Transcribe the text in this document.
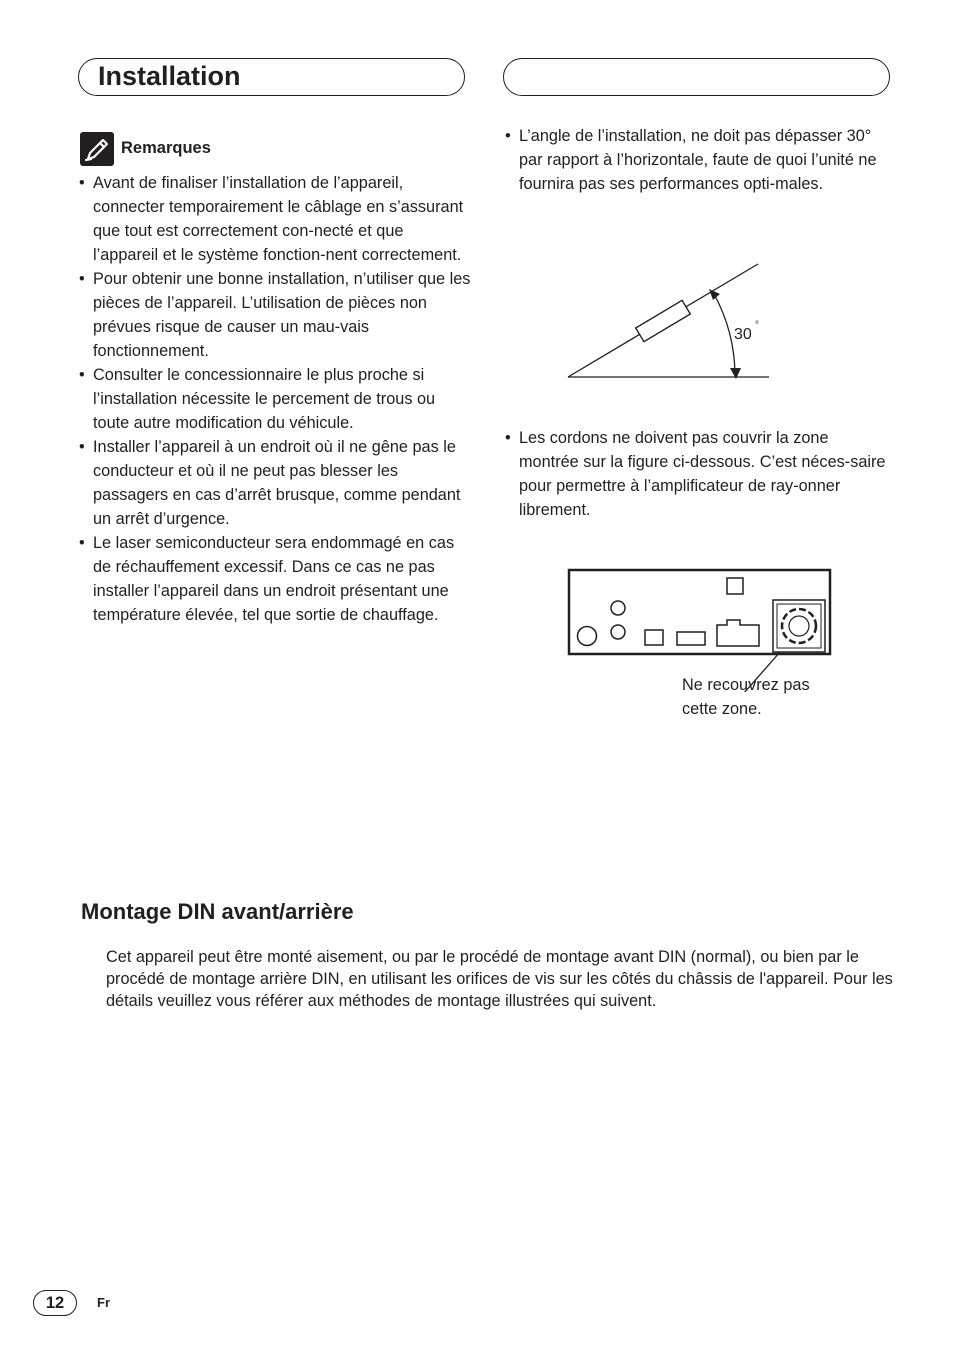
Installation
Remarques
• Avant de finaliser l’installation de l’appareil, connecter temporairement le câblage en s’assurant que tout est correctement con-necté et que l’appareil et le système fonction-nent correctement.
• Pour obtenir une bonne installation, n’utiliser que les pièces de l’appareil. L’utilisation de pièces non prévues risque de causer un mau-vais fonctionnement.
• Consulter le concessionnaire le plus proche si l’installation nécessite le percement de trous ou toute autre modification du véhicule.
• Installer l’appareil à un endroit où il ne gêne pas le conducteur et où il ne peut pas blesser les passagers en cas d’arrêt brusque, comme pendant un arrêt d’urgence.
• Le laser semiconducteur sera endommagé en cas de réchauffement excessif. Dans ce cas ne pas installer l’appareil dans un endroit présentant une température élevée, tel que sortie de chauffage.
• L’angle de l’installation, ne doit pas dépasser 30° par rapport à l’horizontale, faute de quoi l’unité ne fournira pas ses performances opti-males.
30
°
• Les cordons ne doivent pas couvrir la zone montrée sur la figure ci-dessous. C’est néces-saire pour permettre à l’amplificateur de ray-onner librement.
Ne recouvrez pas cette zone.
Montage DIN avant/arrière

Cet appareil peut être monté aisement, ou par le procédé de montage avant DIN (normal), ou bien par le procédé de montage arrière DIN, en utilisant les orifices de vis sur les côtés du châssis de l'appareil. Pour les détails veuillez vous référer aux méthodes de montage illustrées qui suivent.

12	Fr
